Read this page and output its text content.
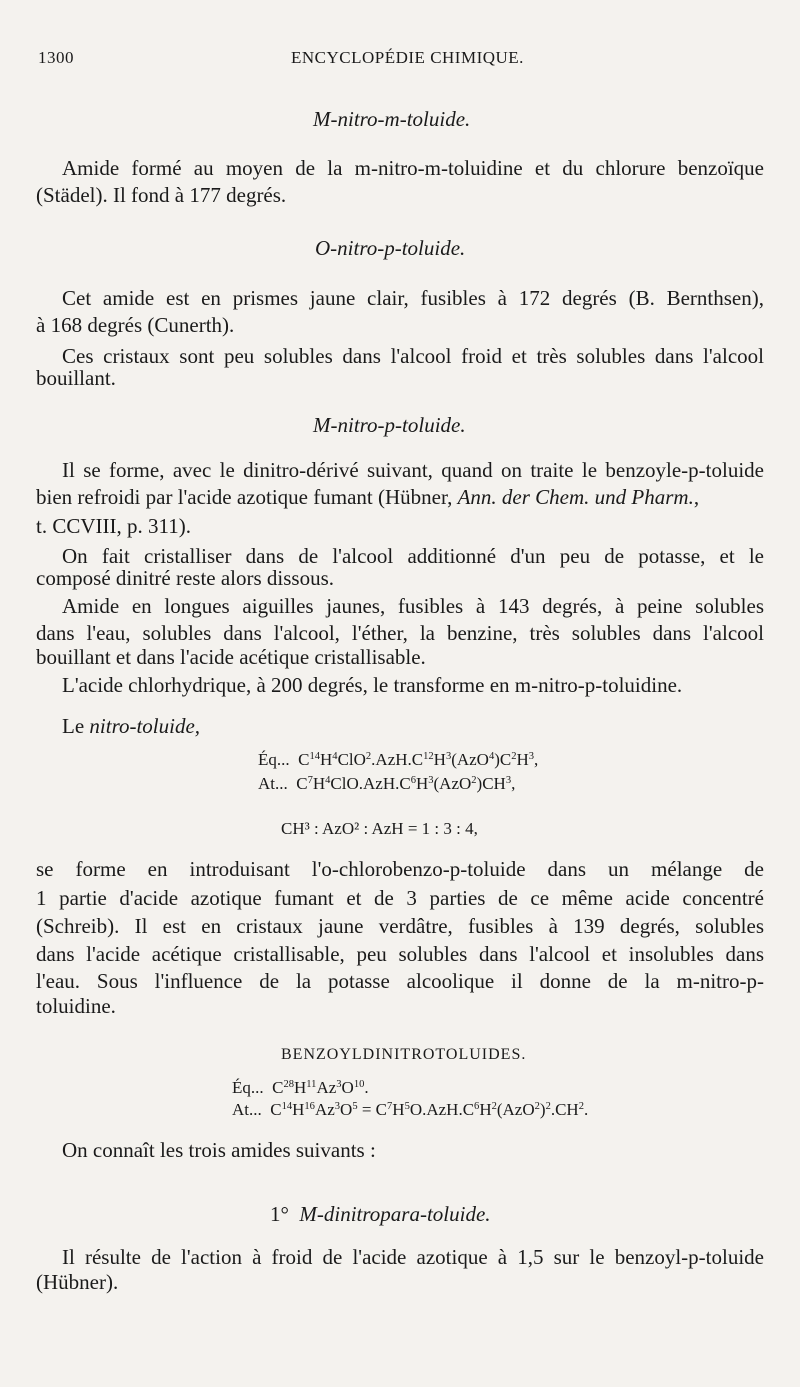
1300	ENCYCLOPÉDIE CHIMIQUE.
M-nitro-m-toluide.
Amide formé au moyen de la m-nitro-m-toluidine et du chlorure benzoïque
(Städel). Il fond à 177 degrés.
O-nitro-p-toluide.
Cet amide est en prismes jaune clair, fusibles à 172 degrés (B. Bernthsen),
à 168 degrés (Cunerth).
Ces cristaux sont peu solubles dans l'alcool froid et très solubles dans l'alcool
bouillant.
M-nitro-p-toluide.
Il se forme, avec le dinitro-dérivé suivant, quand on traite le benzoyle-p-toluide
bien refroidi par l'acide azotique fumant (Hübner, Ann. der Chem. und Pharm.,
t. CCVIII, p. 311).
On fait cristalliser dans de l'alcool additionné d'un peu de potasse, et le
composé dinitré reste alors dissous.
Amide en longues aiguilles jaunes, fusibles à 143 degrés, à peine solubles
dans l'eau, solubles dans l'alcool, l'éther, la benzine, très solubles dans l'alcool
bouillant et dans l'acide acétique cristallisable.
L'acide chlorhydrique, à 200 degrés, le transforme en m-nitro-p-toluidine.
Le nitro-toluide,
Éq...  $C^{14}H^4ClO^2.AzH.C^{12}H^3(AzO^4)C^2H^3$,
At...  $C^7H^4ClO.AzH.C^6H^3(AzO^2)CH^3$,
CH³ : AzO² : AzH = 1 : 3 : 4,
se forme en introduisant l'o-chlorobenzo-p-toluide dans un mélange de
1 partie d'acide azotique fumant et de 3 parties de ce même acide concentré
(Schreib). Il est en cristaux jaune verdâtre, fusibles à 139 degrés, solubles
dans l'acide acétique cristallisable, peu solubles dans l'alcool et insolubles dans
l'eau. Sous l'influence de la potasse alcoolique il donne de la m-nitro-p-
toluidine.
BENZOYLDINITROTOLUIDES.
Éq...  $C^{28}H^{11}Az^3O^{10}$.
At...  $C^{14}H^{16}Az^3O^5 = C^7H^5O.AzH.C^6H^2(AzO^2)^2.CH^2$.
On connaît les trois amides suivants :
1° M-dinitropara-toluide.
Il résulte de l'action à froid de l'acide azotique à 1,5 sur le benzoyl-p-toluide
(Hübner).
